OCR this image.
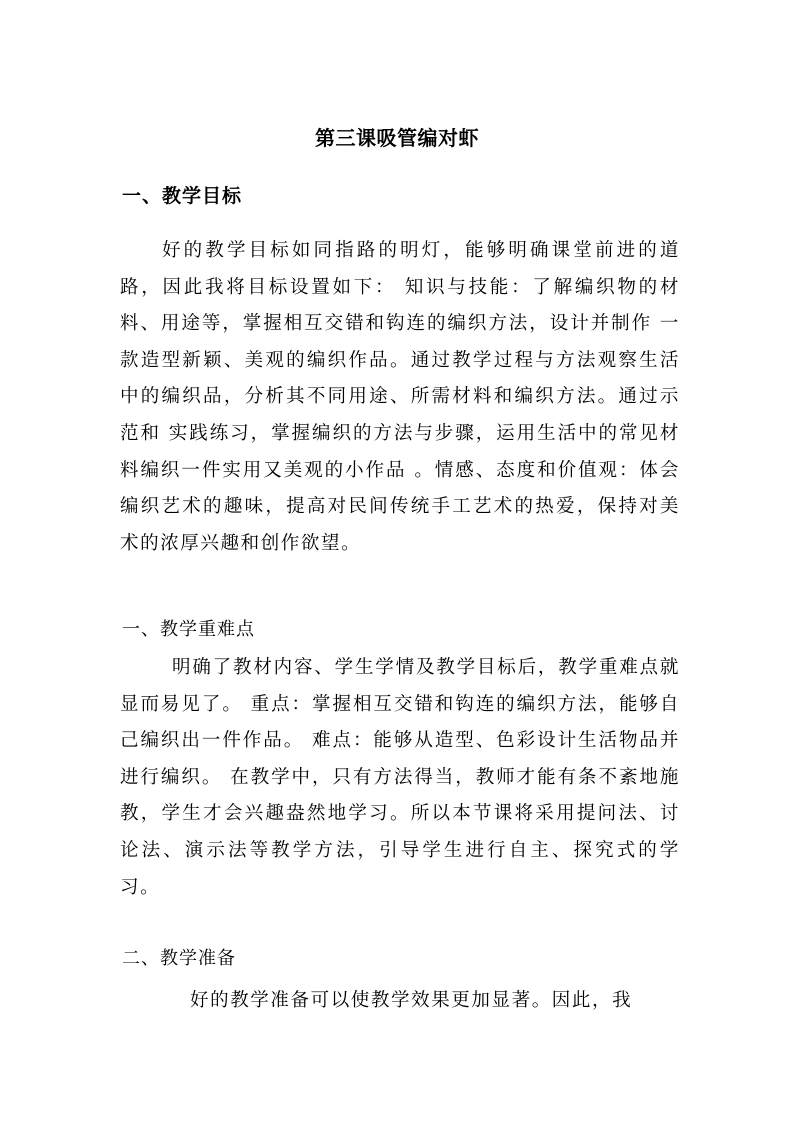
第三课吸管编对虾
一、教学目标

好的教学目标如同指路的明灯，能够明确课堂前进的道路，因此我将目标设置如下： 知识与技能：了解编织物的材料、用途等，掌握相互交错和钩连的编织方法，设计并制作 一款造型新颖、美观的编织作品。通过教学过程与方法观察生活中的编织品，分析其不同用途、所需材料和编织方法。通过示范和 实践练习，掌握编织的方法与步骤，运用生活中的常见材料编织一件实用又美观的小作品 。情感、态度和价值观：体会编织艺术的趣味，提高对民间传统手工艺术的热爱，保持对美术的浓厚兴趣和创作欲望。

一、教学重难点

明确了教材内容、学生学情及教学目标后，教学重难点就显而易见了。 重点：掌握相互交错和钩连的编织方法，能够自己编织出一件作品。 难点：能够从造型、色彩设计生活物品并进行编织。 在教学中，只有方法得当，教师才能有条不紊地施教，学生才会兴趣盎然地学习。所以本节课将采用提问法、讨论法、演示法等教学方法，引导学生进行自主、探究式的学习。

二、教学准备

好的教学准备可以使教学效果更加显著。因此，我
